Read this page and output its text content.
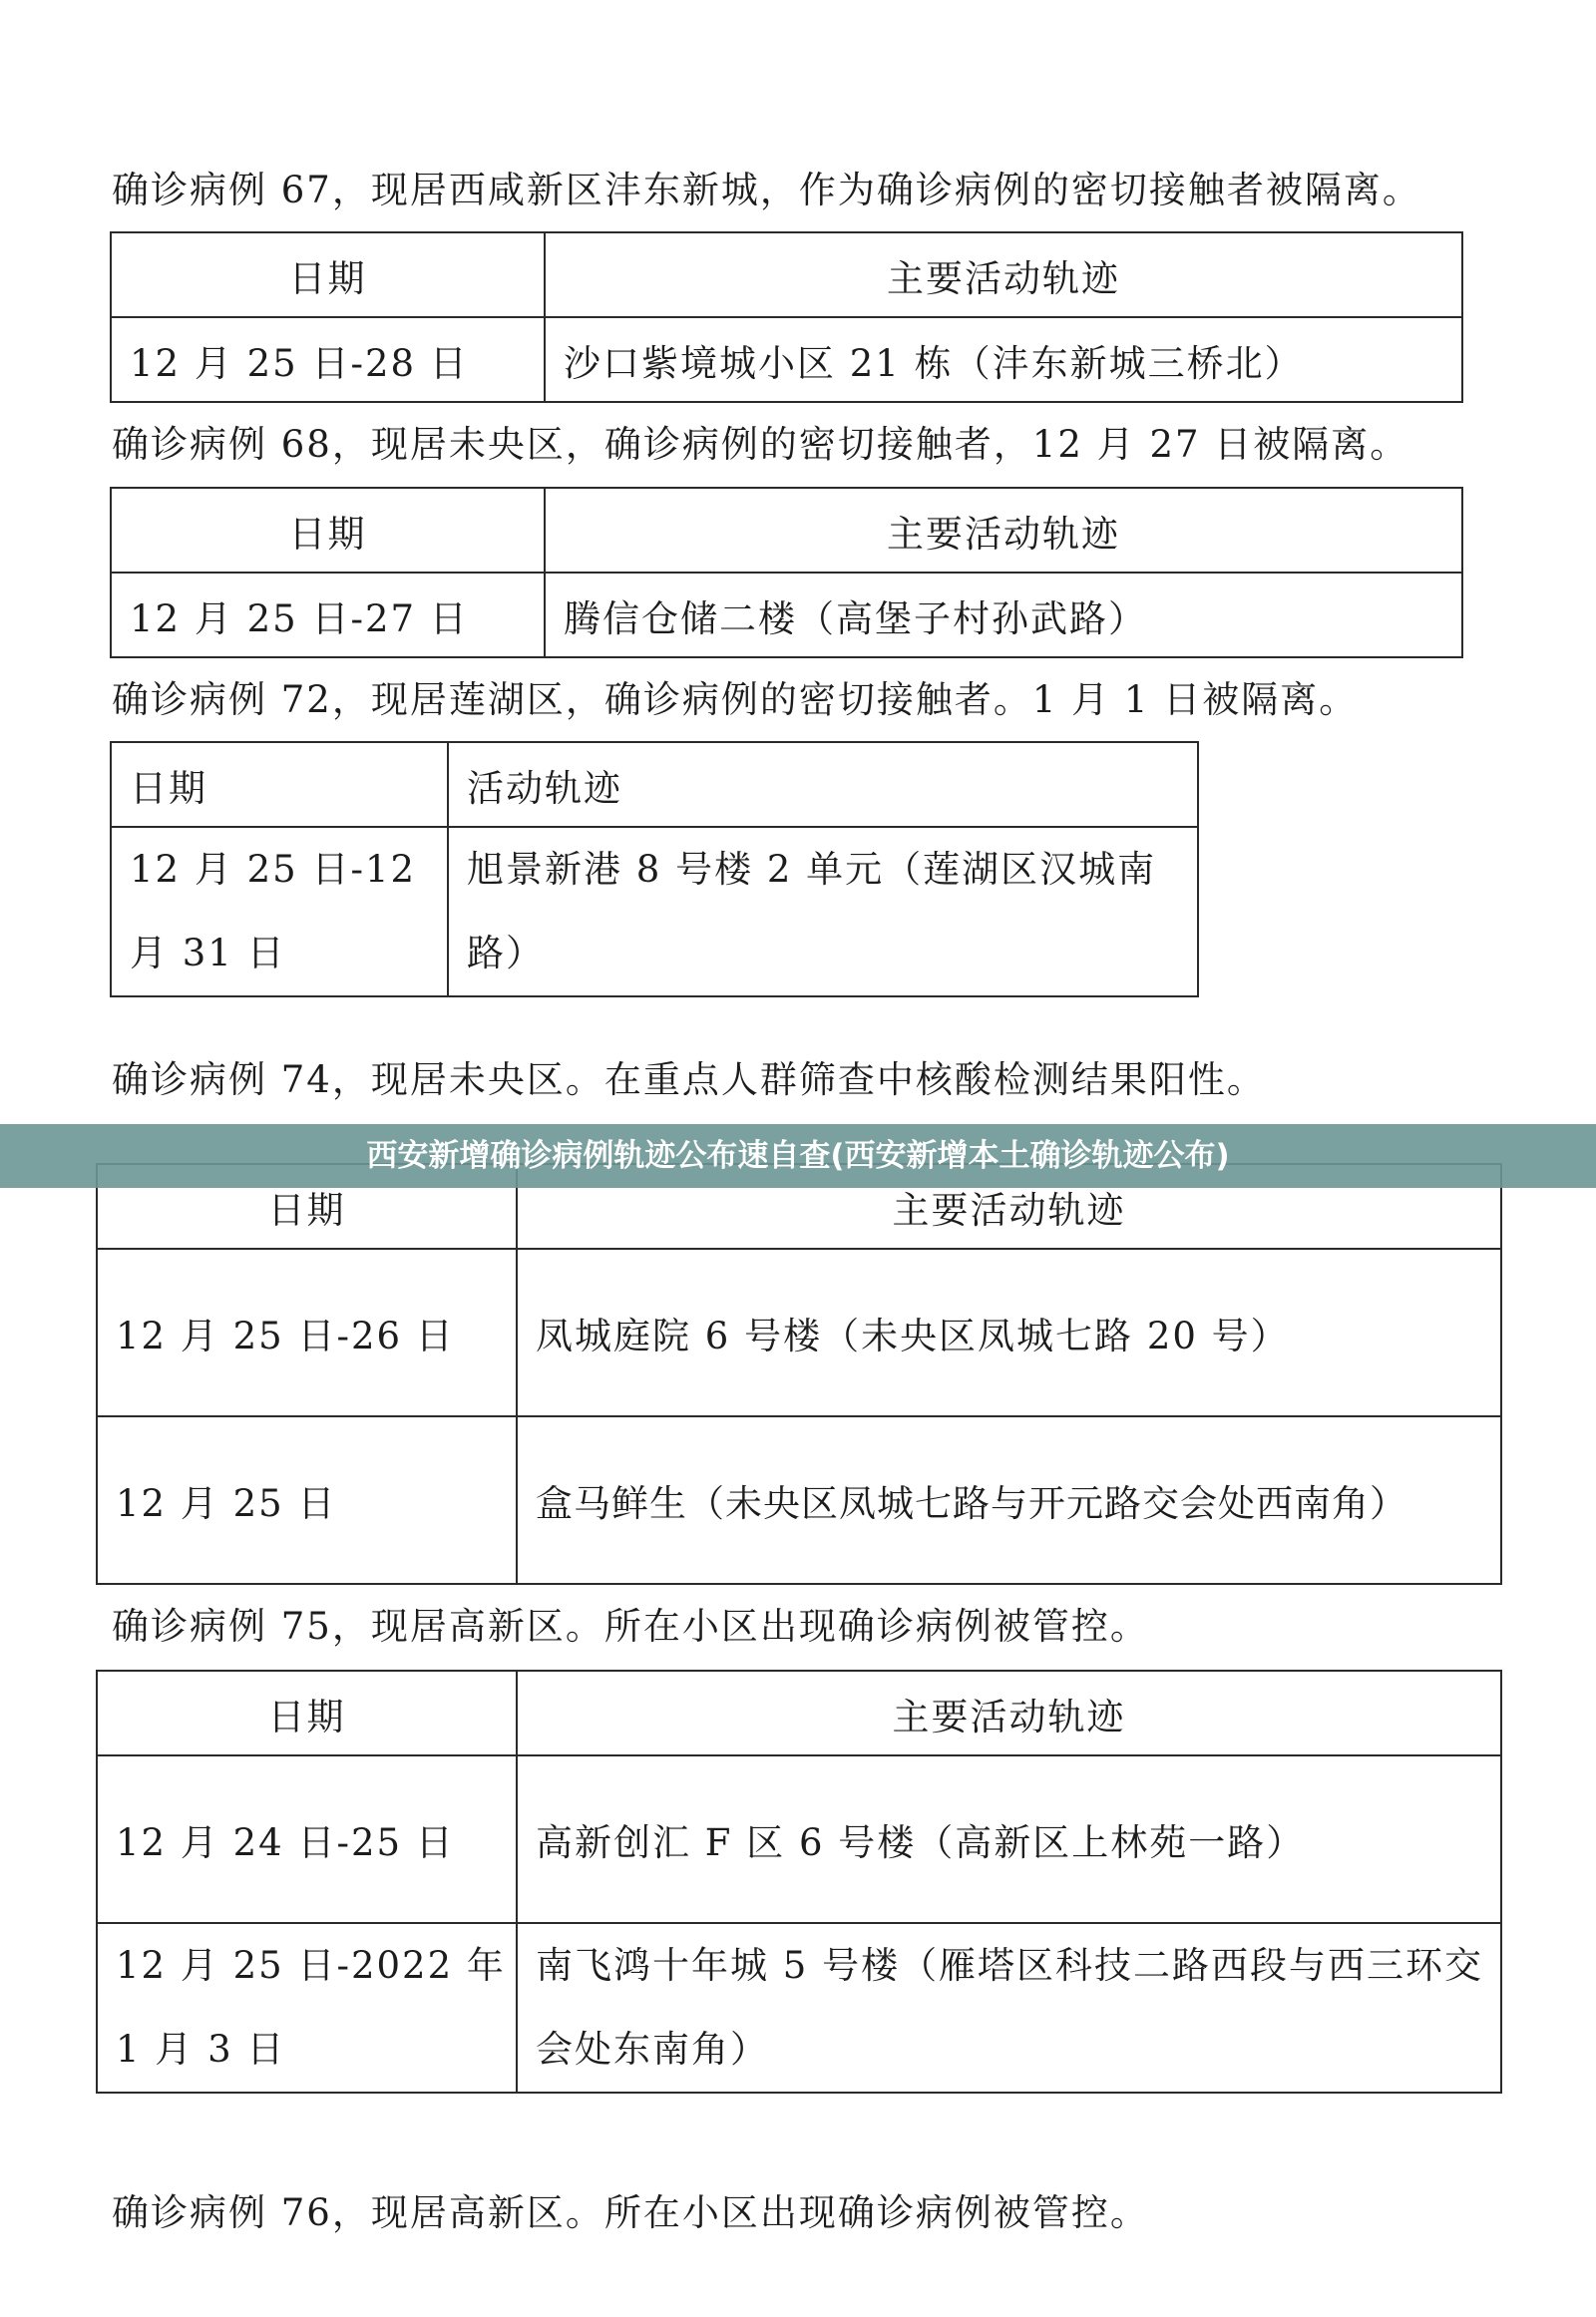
确诊病例 67，现居西咸新区沣东新城，作为确诊病例的密切接触者被隔离。

日期	主要活动轨迹
12 月 25 日-28 日	沙口紫境城小区 21 栋（沣东新城三桥北）

确诊病例 68，现居未央区，确诊病例的密切接触者，12 月 27 日被隔离。

日期	主要活动轨迹
12 月 25 日-27 日	腾信仓储二楼（高堡子村孙武路）

确诊病例 72，现居莲湖区，确诊病例的密切接触者。1 月 1 日被隔离。

日期	活动轨迹

12 月 25 日-12 月 31 日	旭景新港 8 号楼 2 单元（莲湖区汉城南路）

确诊病例 74，现居未央区。在重点人群筛查中核酸检测结果阳性。

日期	主要活动轨迹
12 月 25 日-26 日	凤城庭院 6 号楼（未央区凤城七路 20 号）
12 月 25 日	盒马鲜生（未央区凤城七路与开元路交会处西南角）

确诊病例 75，现居高新区。所在小区出现确诊病例被管控。

日期	主要活动轨迹
12 月 24 日-25 日	高新创汇 F 区 6 号楼（高新区上林苑一路）

12 月 25 日-2022 年 1 月 3 日	南飞鸿十年城 5 号楼（雁塔区科技二路西段与西三环交会处东南角）

确诊病例 76，现居高新区。所在小区出现确诊病例被管控。

西安新增确诊病例轨迹公布速自查(西安新增本土确诊轨迹公布)
